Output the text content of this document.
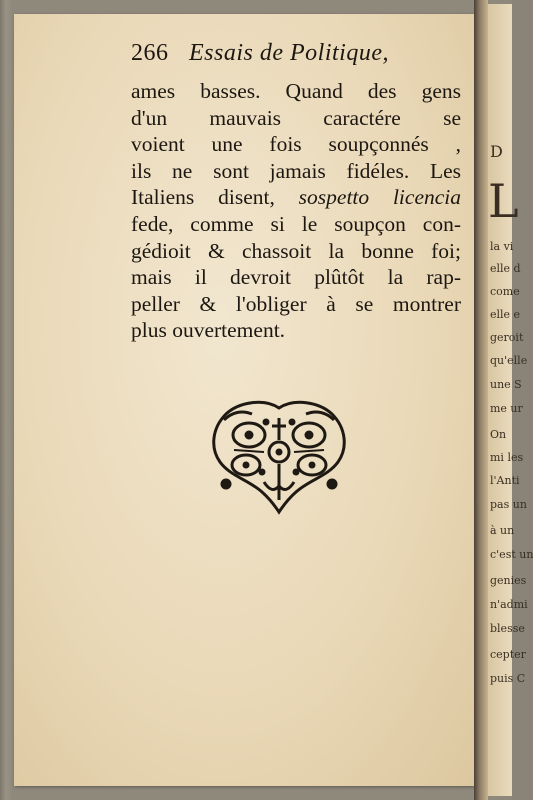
266 Essais de Politique,
ames basses. Quand des gens
d'un mauvais caractére se
voient une fois soupçonnés ,
ils ne sont jamais fidéles. Les
Italiens disent, sospetto licencia
fede, comme si le soupçon con-
gédioit & chassoit la bonne foi;
mais il devroit plûtôt la rap-
peller & l'obliger à se montrer
plus ouvertement.
D
L
la vi
elle d
come
elle e
geroit
qu'elle
une S
me ur
On
mi les
l'Anti
pas un
à un
c'est un
genies
n'admi
blesse
cepter
puis C
